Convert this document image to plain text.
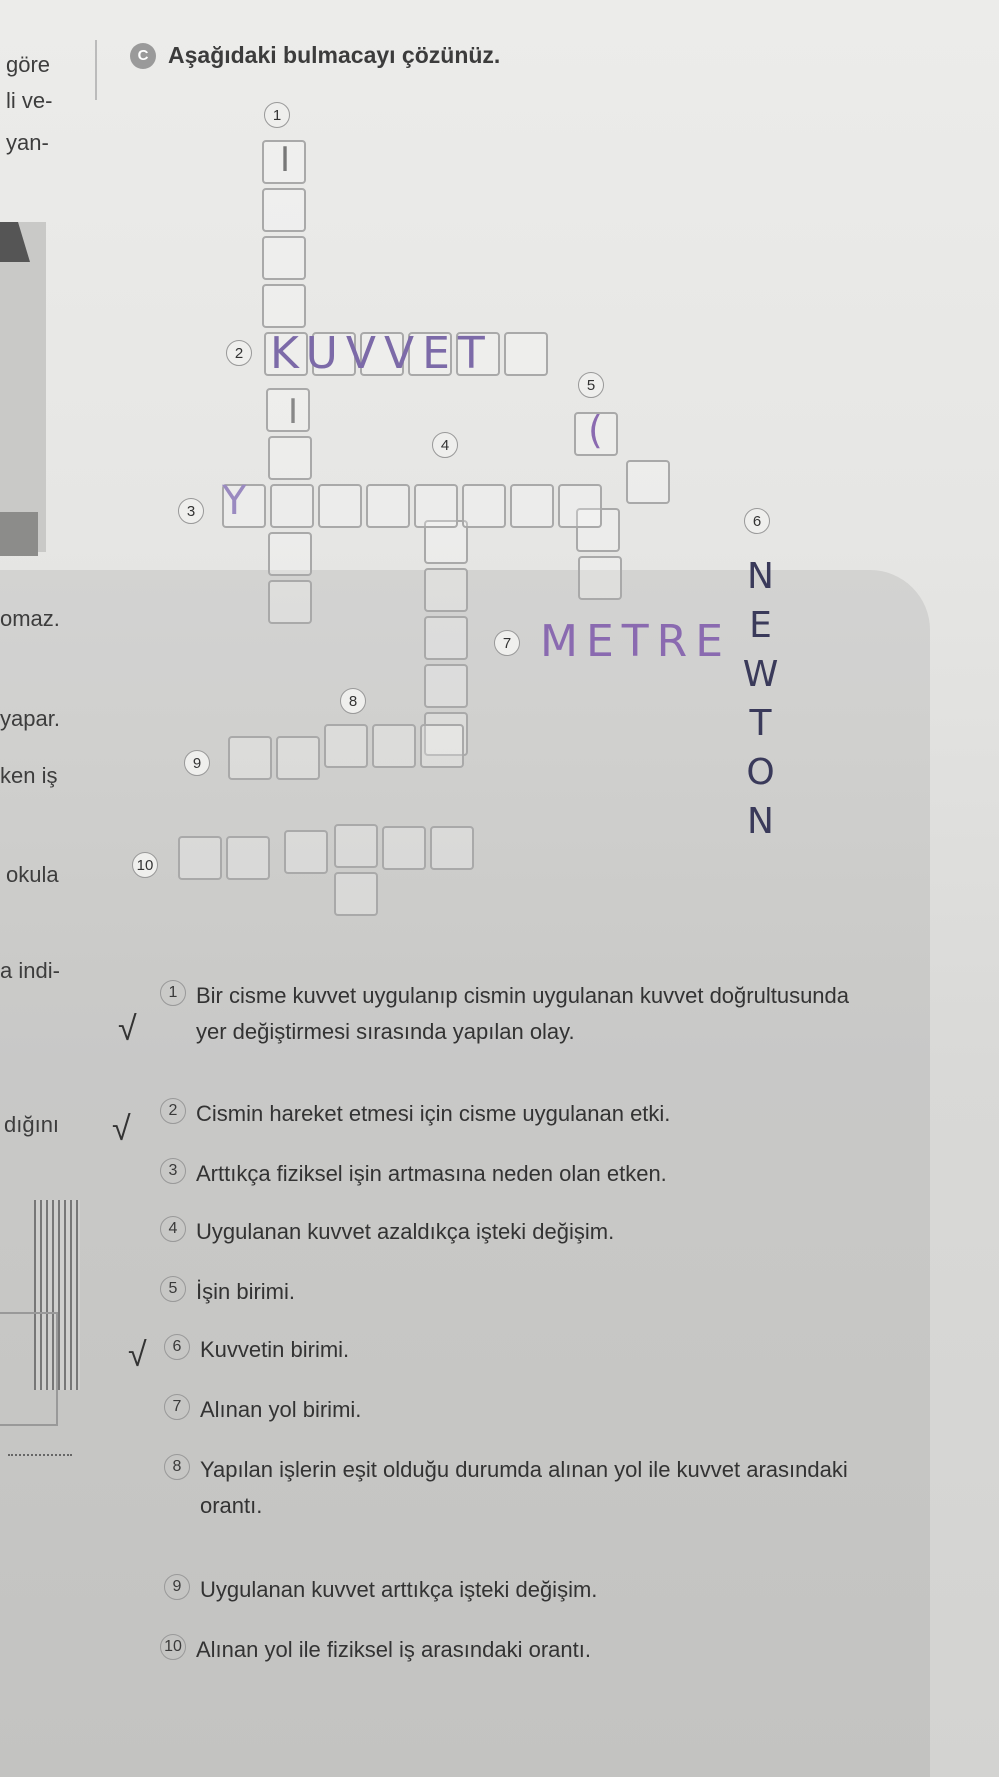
göre
li ve-
yan-
omaz.
yapar.
ken iş
okula
a indi-
dığını
C Aşağıdaki bulmacayı çözünüz.
1
I
I
2 KUVVET
4
5
(
3 Y	6
NEWTON
7 METRE
8
9
10
√
√
√
1 Bir cisme kuvvet uygulanıp cismin uygulanan kuvvet doğrultusunda yer değiştirmesi sırasında yapılan olay.
2 Cismin hareket etmesi için cisme uygulanan etki.
3 Arttıkça fiziksel işin artmasına neden olan etken.
4 Uygulanan kuvvet azaldıkça işteki değişim.
5 İşin birimi.
6 Kuvvetin birimi.
7 Alınan yol birimi.
8 Yapılan işlerin eşit olduğu durumda alınan yol ile kuvvet arasındaki orantı.
9 Uygulanan kuvvet arttıkça işteki değişim.
10 Alınan yol ile fiziksel iş arasındaki orantı.
